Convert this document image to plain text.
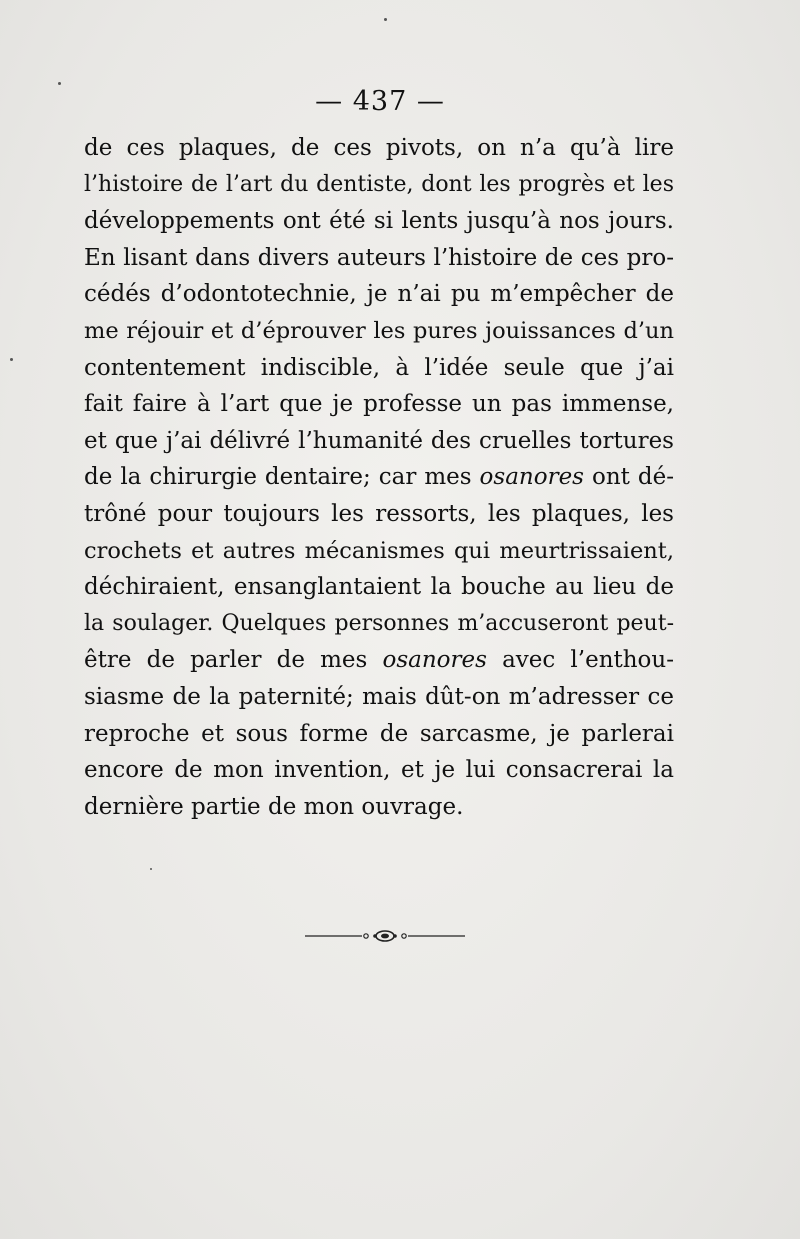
— 437 —
de ces plaques, de ces pivots, on n’a qu’à lire
l’histoire de l’art du dentiste, dont les progrès et les
développements ont été si lents jusqu’à nos jours.
En lisant dans divers auteurs l’histoire de ces pro-
cédés d’odontotechnie, je n’ai pu m’empêcher de
me réjouir et d’éprouver les pures jouissances d’un
contentement indiscible, à l’idée seule que j’ai
fait faire à l’art que je professe un pas immense,
et que j’ai délivré l’humanité des cruelles tortures
de la chirurgie dentaire; car mes osanores ont dé-
trôné pour toujours les ressorts, les plaques, les
crochets et autres mécanismes qui meurtrissaient,
déchiraient, ensanglantaient la bouche au lieu de
la soulager. Quelques personnes m’accuseront peut-
être de parler de mes osanores avec l’enthou-
siasme de la paternité; mais dût-on m’adresser ce
reproche et sous forme de sarcasme, je parlerai
encore de mon invention, et je lui consacrerai la
dernière partie de mon ouvrage.
